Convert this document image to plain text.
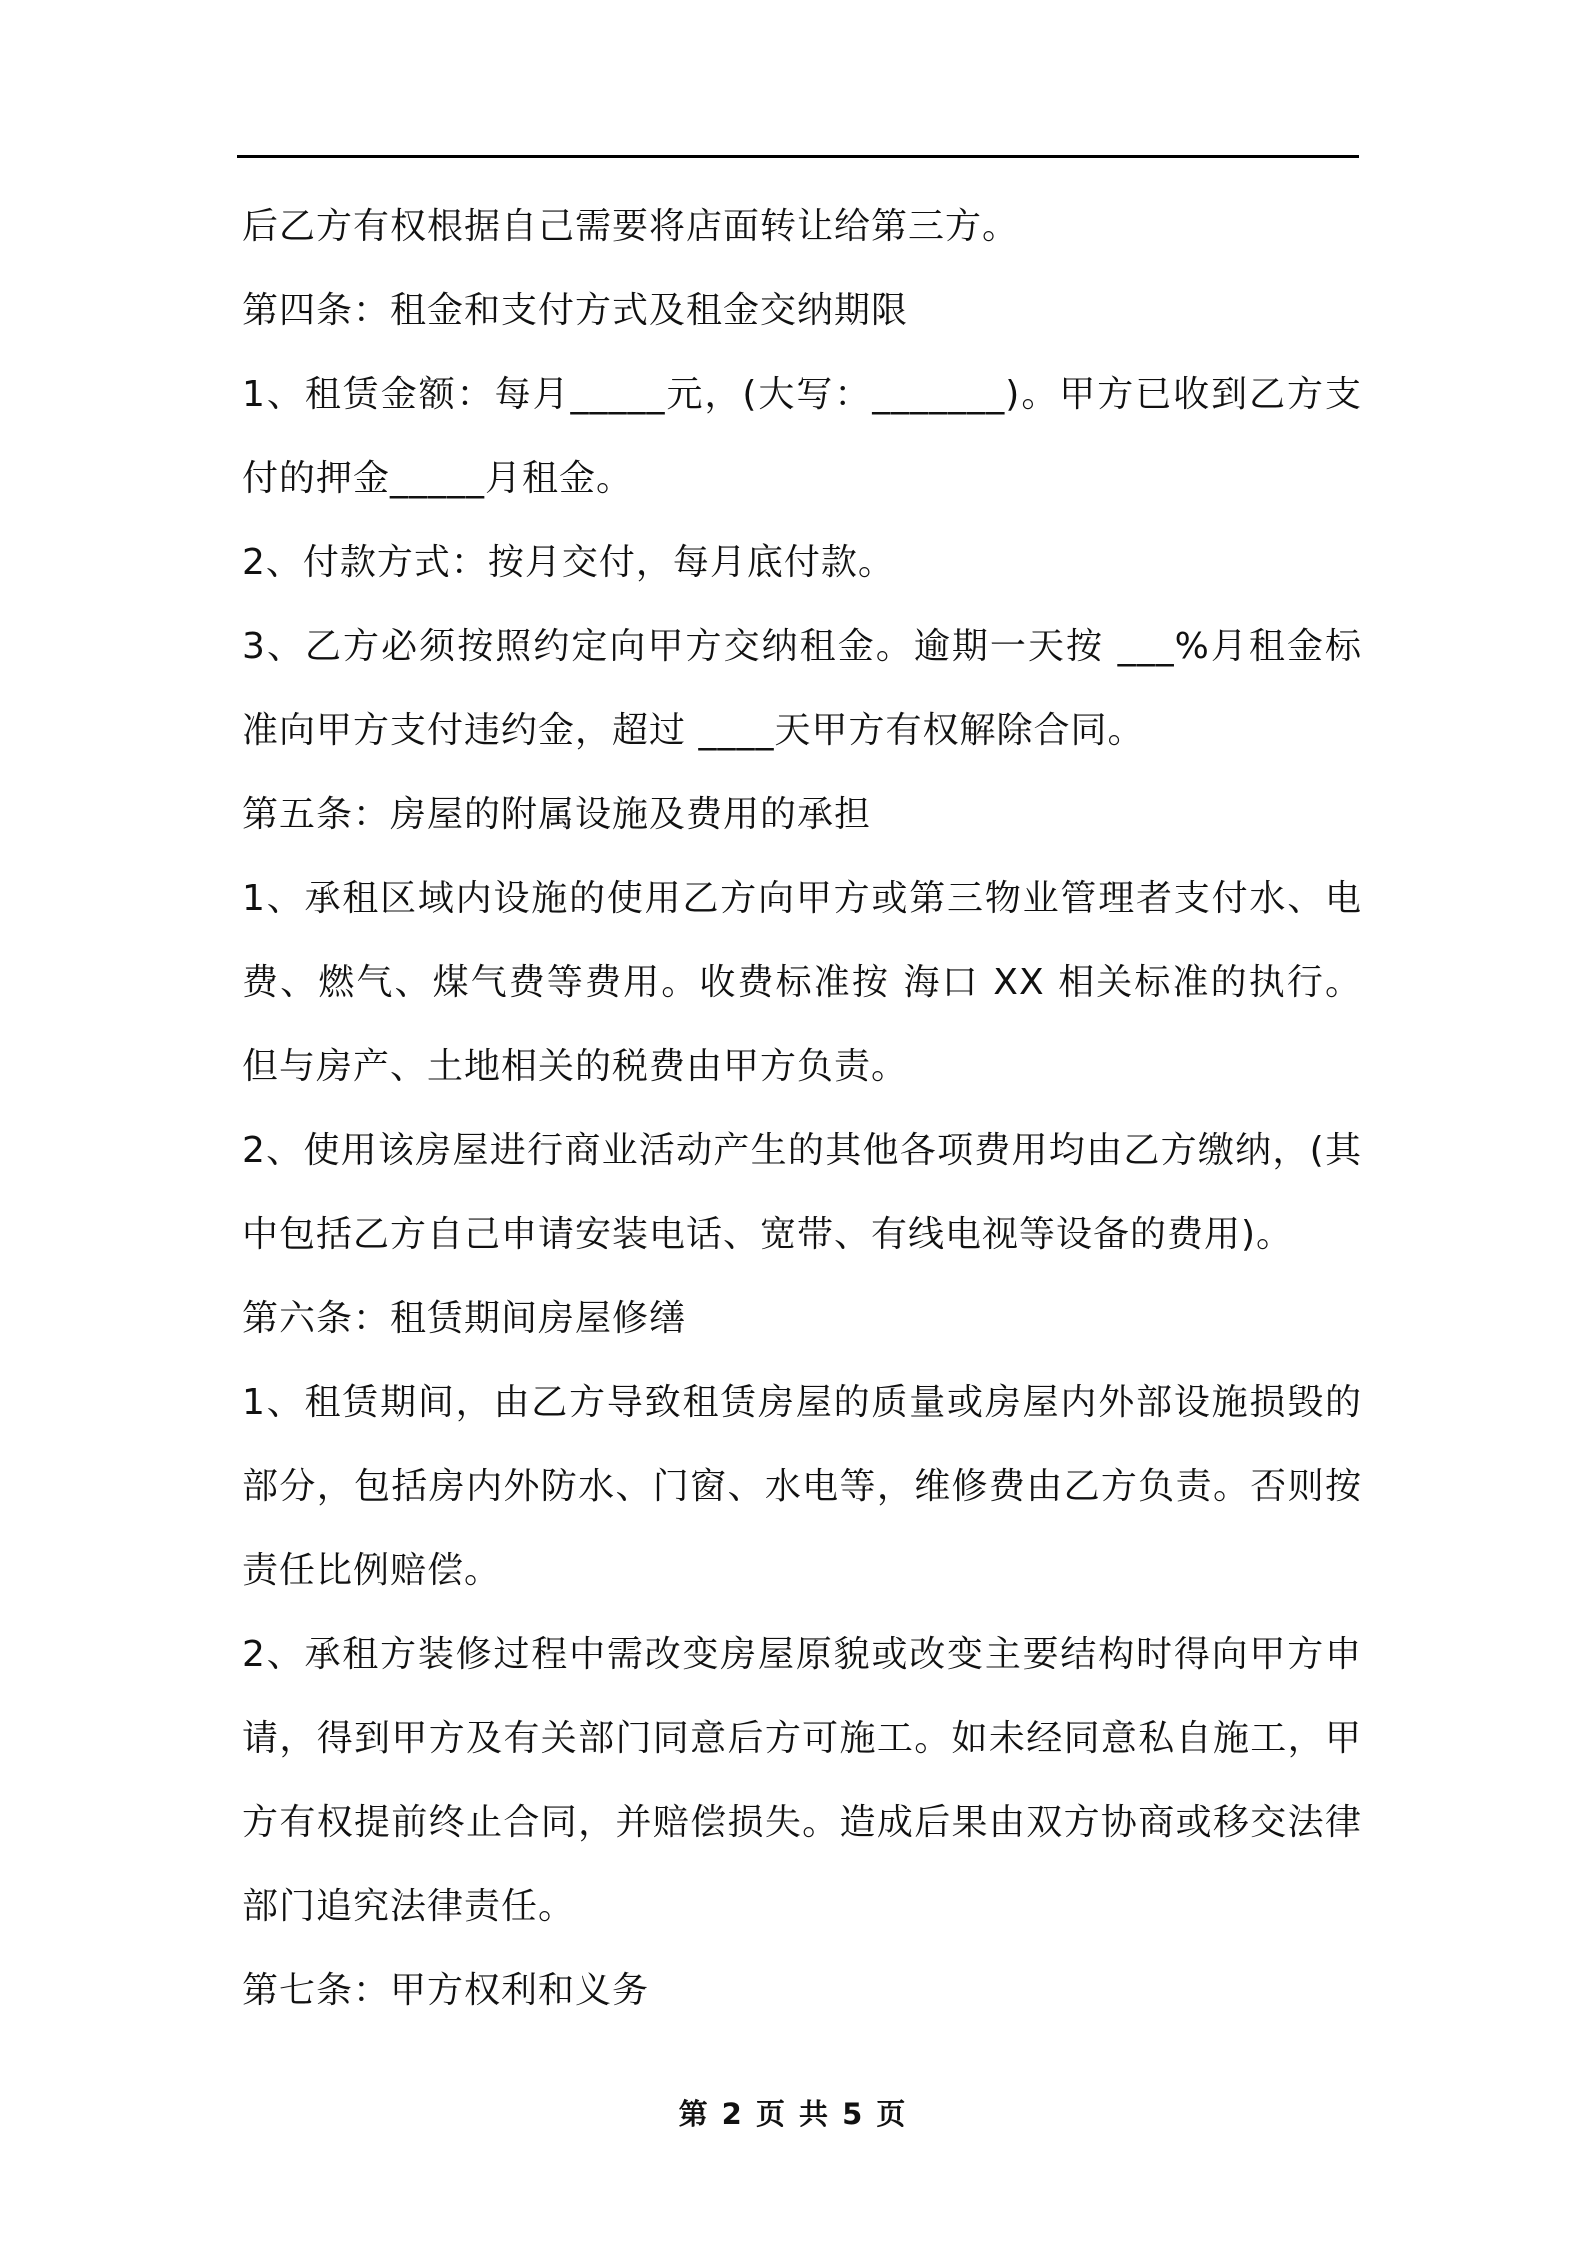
后乙方有权根据自己需要将店面转让给第三方。
第四条：租金和支付方式及租金交纳期限
1、租赁金额：每月_____元，(大写：_______)。甲方已收到乙方支
付的押金_____月租金。
2、付款方式：按月交付，每月底付款。
3、乙方必须按照约定向甲方交纳租金。逾期一天按 ___%月租金标
准向甲方支付违约金，超过 ____天甲方有权解除合同。
第五条：房屋的附属设施及费用的承担
1、承租区域内设施的使用乙方向甲方或第三物业管理者支付水、电
费、燃气、煤气费等费用。收费标准按 海口 XX 相关标准的执行。
但与房产、土地相关的税费由甲方负责。
2、使用该房屋进行商业活动产生的其他各项费用均由乙方缴纳，(其
中包括乙方自己申请安装电话、宽带、有线电视等设备的费用)。
第六条：租赁期间房屋修缮
1、租赁期间，由乙方导致租赁房屋的质量或房屋内外部设施损毁的
部分，包括房内外防水、门窗、水电等，维修费由乙方负责。否则按
责任比例赔偿。
2、承租方装修过程中需改变房屋原貌或改变主要结构时得向甲方申
请，得到甲方及有关部门同意后方可施工。如未经同意私自施工，甲
方有权提前终止合同，并赔偿损失。造成后果由双方协商或移交法律
部门追究法律责任。
第七条：甲方权利和义务
第 2 页 共 5 页
